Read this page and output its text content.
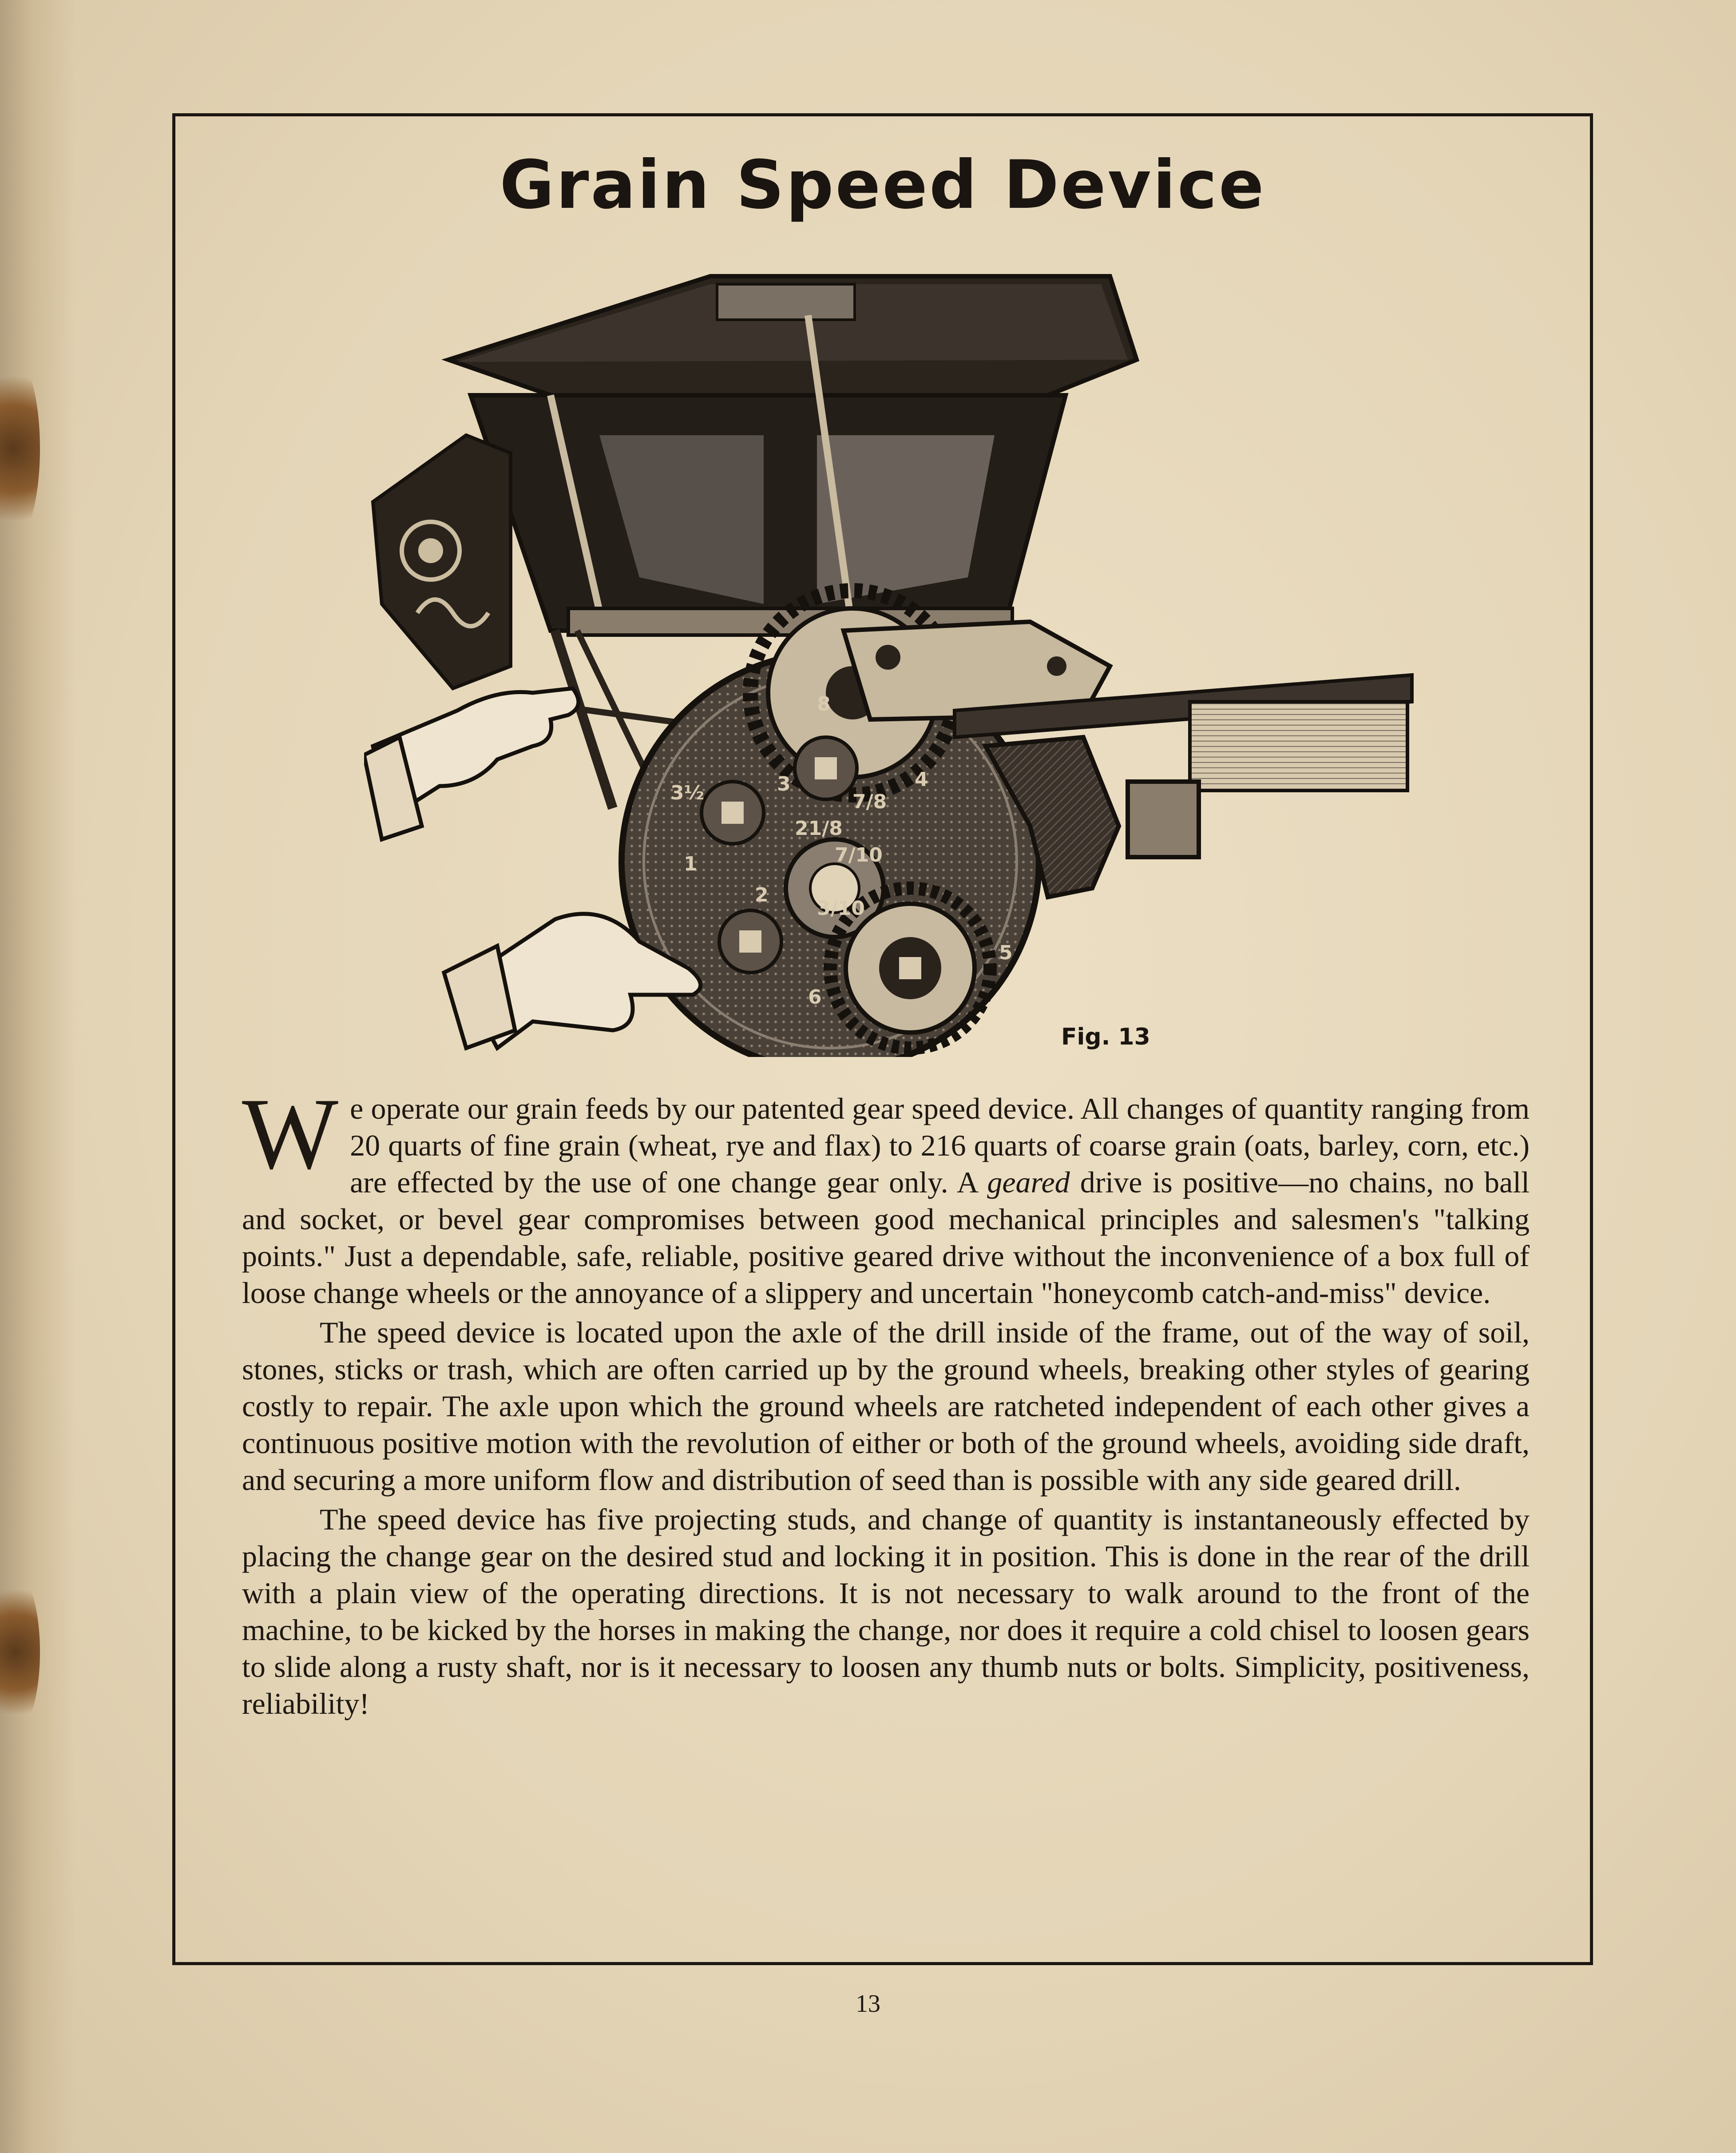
Grain Speed Device
3½	3	4
1
2
5
6
8
7/8
21/8
3/10
7/10
Fig. 13

We operate our grain feeds by our patented gear speed device. All changes of quantity ranging from 20 quarts of fine grain (wheat, rye and flax) to 216 quarts of coarse grain (oats, barley, corn, etc.) are effected by the use of one change gear only. A geared drive is positive—no chains, no ball and socket, or bevel gear compromises between good mechanical principles and salesmen's "talking points." Just a dependable, safe, reliable, positive geared drive without the inconvenience of a box full of loose change wheels or the annoyance of a slippery and uncertain "honeycomb catch-and-miss" device.

The speed device is located upon the axle of the drill inside of the frame, out of the way of soil, stones, sticks or trash, which are often carried up by the ground wheels, breaking other styles of gearing costly to repair. The axle upon which the ground wheels are ratcheted independent of each other gives a continuous positive motion with the revolution of either or both of the ground wheels, avoiding side draft, and securing a more uniform flow and distribution of seed than is possible with any side geared drill.

The speed device has five projecting studs, and change of quantity is instantaneously effected by placing the change gear on the desired stud and locking it in position. This is done in the rear of the drill with a plain view of the operating directions. It is not necessary to walk around to the front of the machine, to be kicked by the horses in making the change, nor does it require a cold chisel to loosen gears to slide along a rusty shaft, nor is it necessary to loosen any thumb nuts or bolts. Simplicity, positiveness, reliability!

13
